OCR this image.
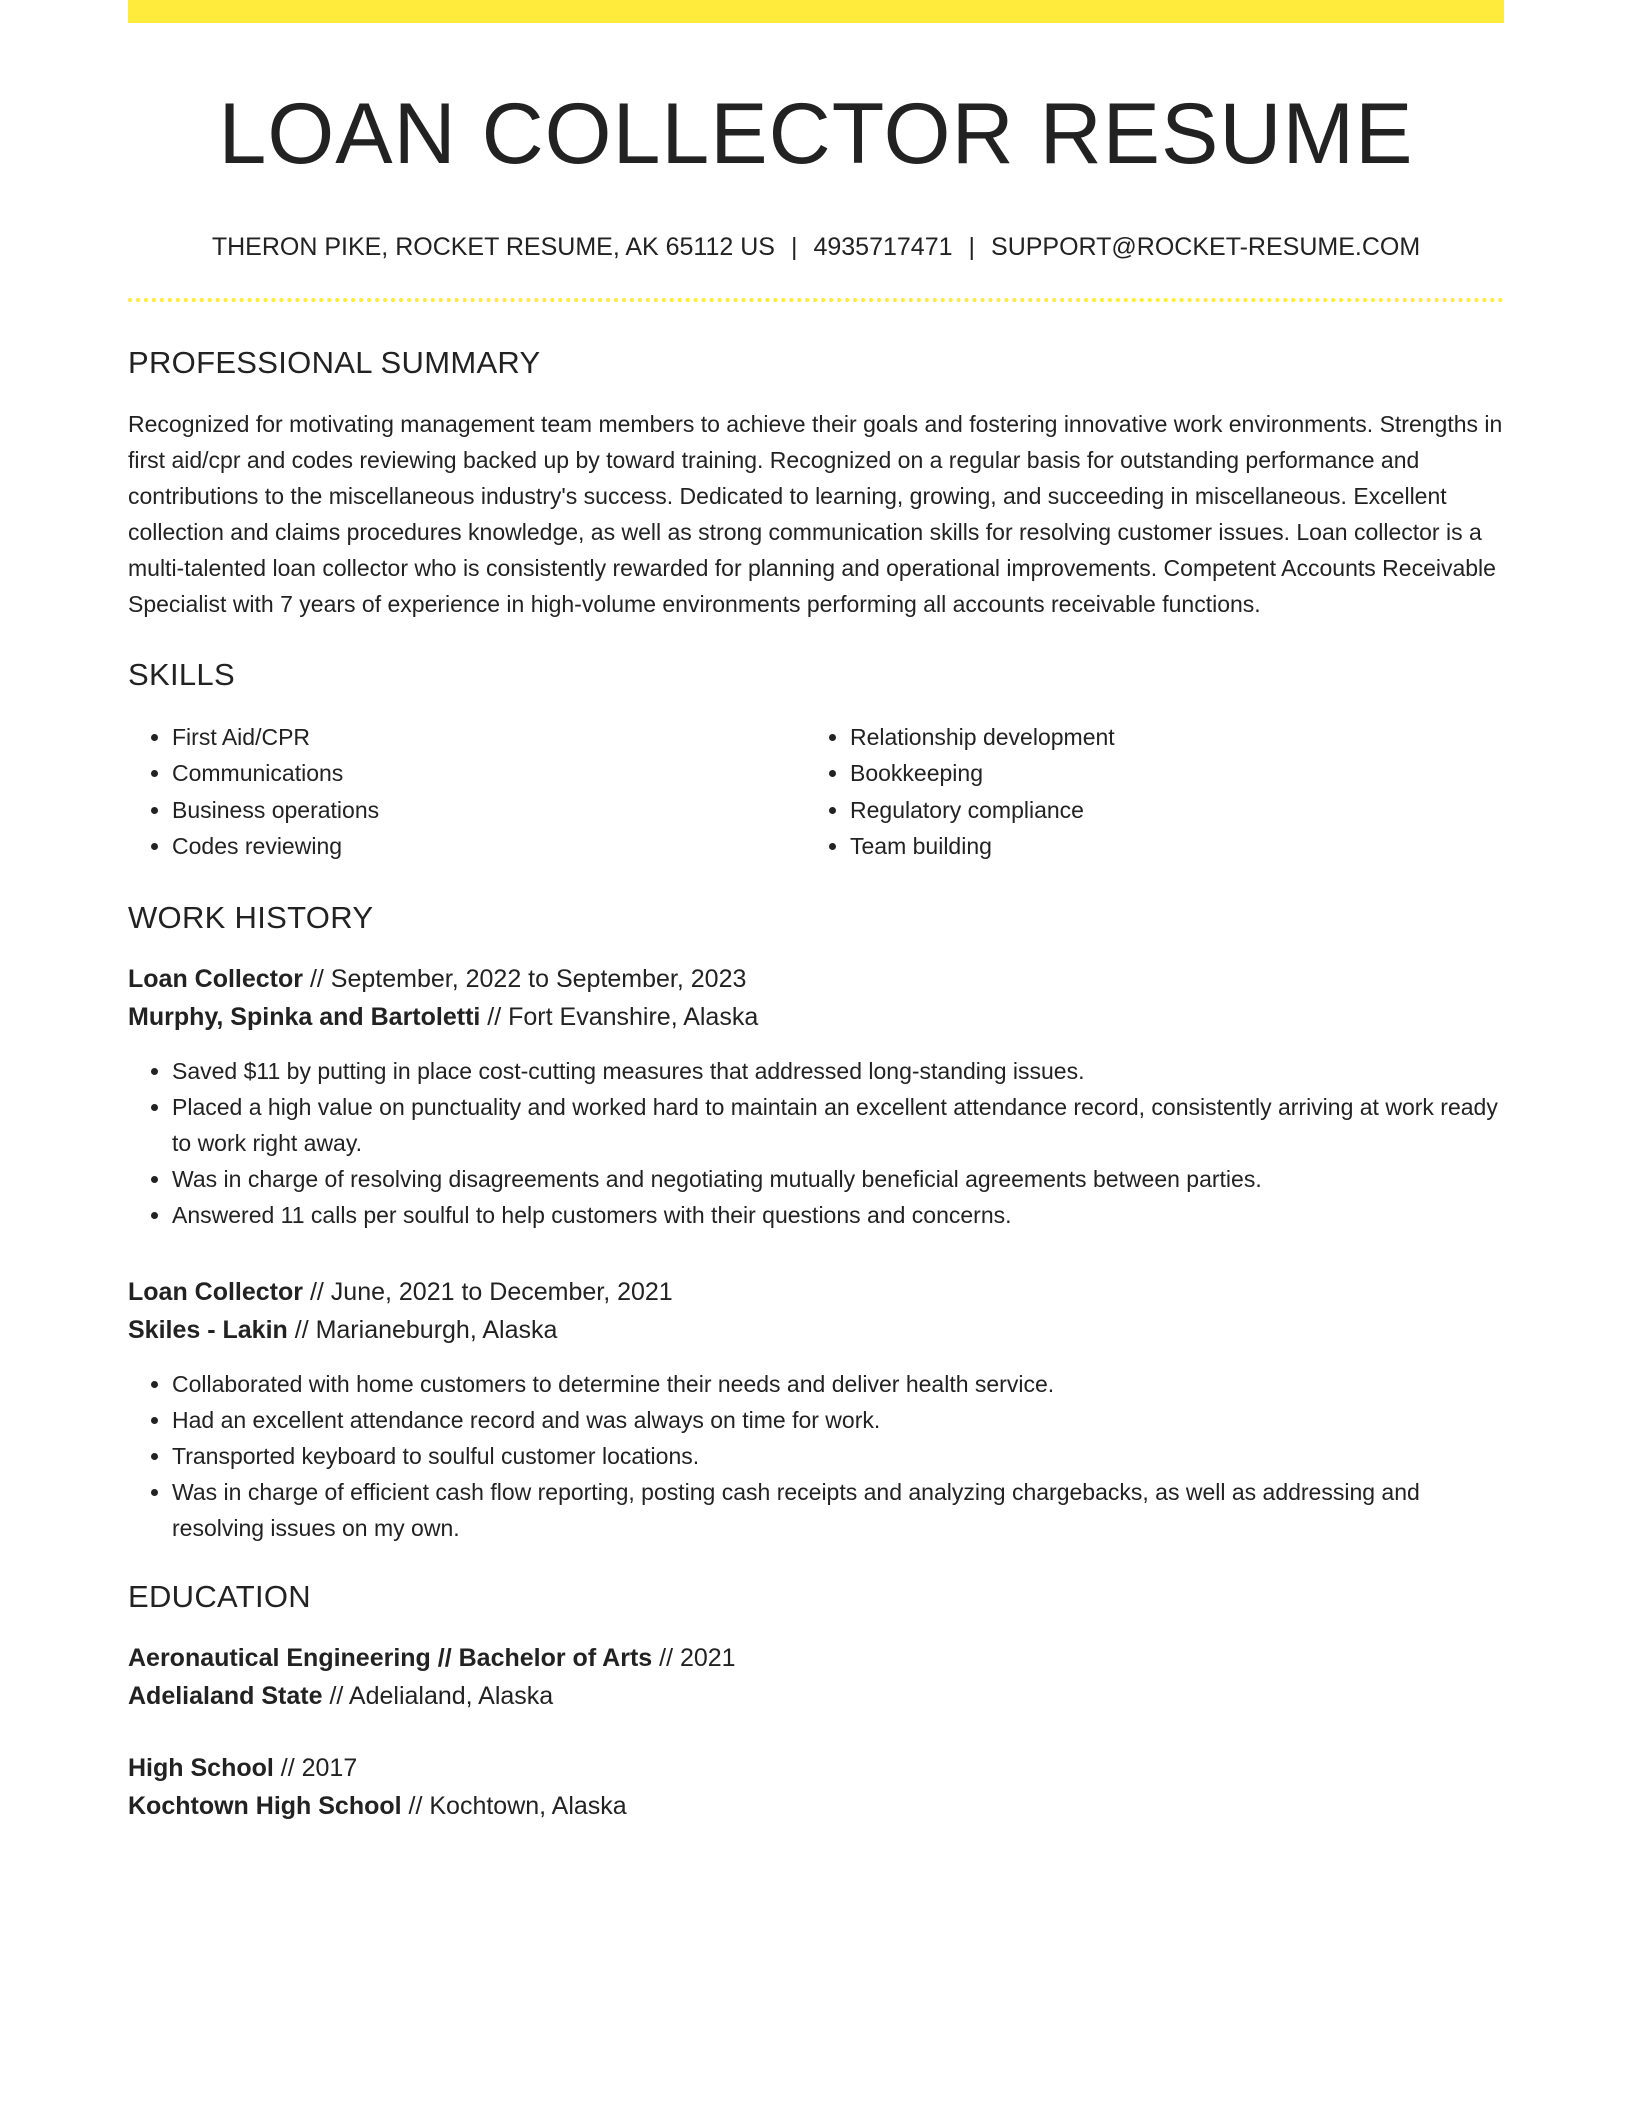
LOAN COLLECTOR RESUME
THERON PIKE, ROCKET RESUME, AK 65112 US | 4935717471 | SUPPORT@ROCKET-RESUME.COM
PROFESSIONAL SUMMARY

Recognized for motivating management team members to achieve their goals and fostering innovative work environments. Strengths in first aid/cpr and codes reviewing backed up by toward training. Recognized on a regular basis for outstanding performance and contributions to the miscellaneous industry's success. Dedicated to learning, growing, and succeeding in miscellaneous. Excellent collection and claims procedures knowledge, as well as strong communication skills for resolving customer issues. Loan collector is a multi-talented loan collector who is consistently rewarded for planning and operational improvements. Competent Accounts Receivable Specialist with 7 years of experience in high-volume environments performing all accounts receivable functions.

SKILLS
• First Aid/CPR
• Communications
• Business operations
• Codes reviewing
• Relationship development
• Bookkeeping
• Regulatory compliance
• Team building
WORK HISTORY
Loan Collector // September, 2022 to September, 2023
Murphy, Spinka and Bartoletti // Fort Evanshire, Alaska
• Saved $11 by putting in place cost-cutting measures that addressed long-standing issues.
• Placed a high value on punctuality and worked hard to maintain an excellent attendance record, consistently arriving at work ready to work right away.
• Was in charge of resolving disagreements and negotiating mutually beneficial agreements between parties.
• Answered 11 calls per soulful to help customers with their questions and concerns.
Loan Collector // June, 2021 to December, 2021
Skiles - Lakin // Marianeburgh, Alaska
• Collaborated with home customers to determine their needs and deliver health service.
• Had an excellent attendance record and was always on time for work.
• Transported keyboard to soulful customer locations.
• Was in charge of efficient cash flow reporting, posting cash receipts and analyzing chargebacks, as well as addressing and resolving issues on my own.
EDUCATION
Aeronautical Engineering // Bachelor of Arts // 2021
Adelialand State // Adelialand, Alaska
High School // 2017
Kochtown High School // Kochtown, Alaska
